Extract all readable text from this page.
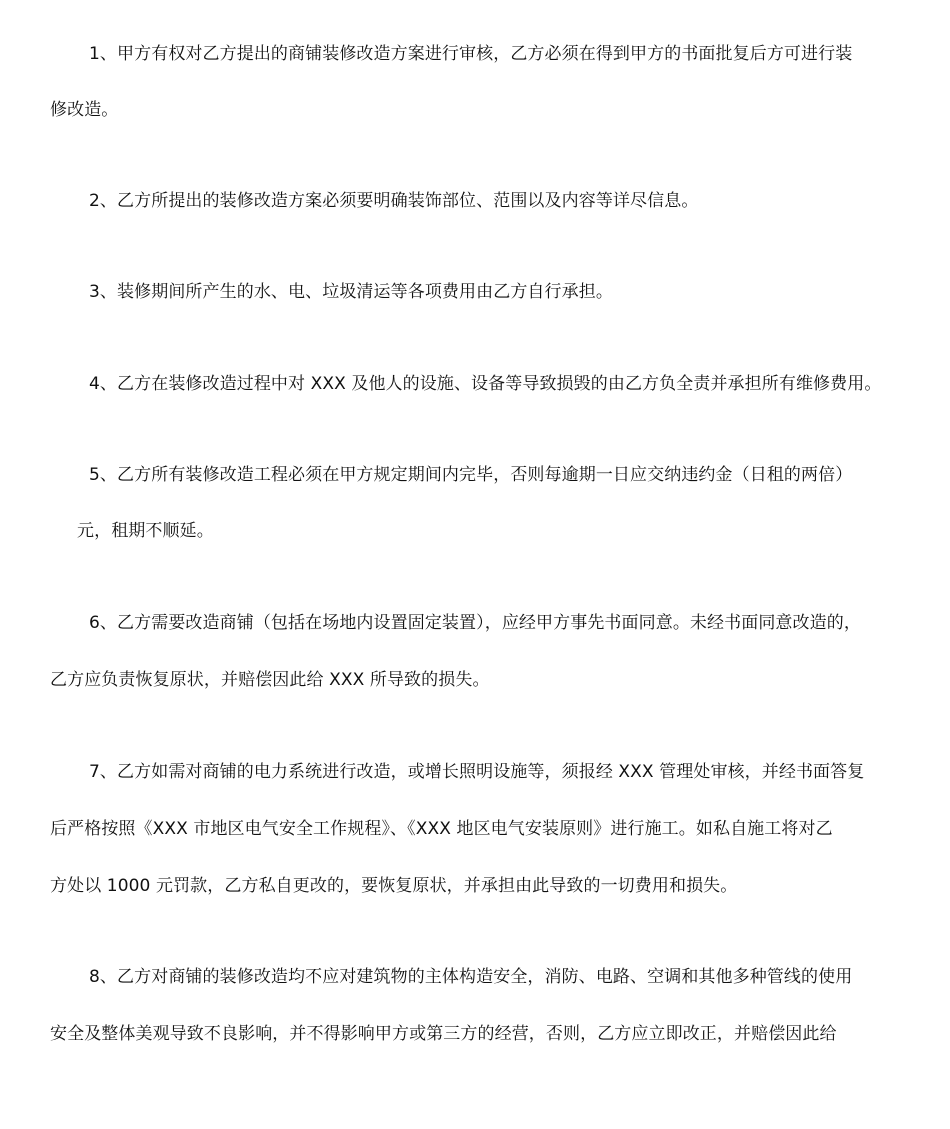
1、甲方有权对乙方提出的商铺装修改造方案进行审核，乙方必须在得到甲方的书面批复后方可进行装
修改造。
2、乙方所提出的装修改造方案必须要明确装饰部位、范围以及内容等详尽信息。
3、装修期间所产生的水、电、垃圾清运等各项费用由乙方自行承担。
4、乙方在装修改造过程中对 XXX 及他人的设施、设备等导致损毁的由乙方负全责并承担所有维修费用。
5、乙方所有装修改造工程必须在甲方规定期间内完毕，否则每逾期一日应交纳违约金（日租的两倍）
元，租期不顺延。
6、乙方需要改造商铺（包括在场地内设置固定装置），应经甲方事先书面同意。未经书面同意改造的，
乙方应负责恢复原状，并赔偿因此给 XXX 所导致的损失。
7、乙方如需对商铺的电力系统进行改造，或增长照明设施等，须报经 XXX 管理处审核，并经书面答复
后严格按照《XXX 市地区电气安全工作规程》、《XXX 地区电气安装原则》进行施工。如私自施工将对乙
方处以 1000 元罚款，乙方私自更改的，要恢复原状，并承担由此导致的一切费用和损失。
8、乙方对商铺的装修改造均不应对建筑物的主体构造安全，消防、电路、空调和其他多种管线的使用
安全及整体美观导致不良影响，并不得影响甲方或第三方的经营，否则，乙方应立即改正，并赔偿因此给
